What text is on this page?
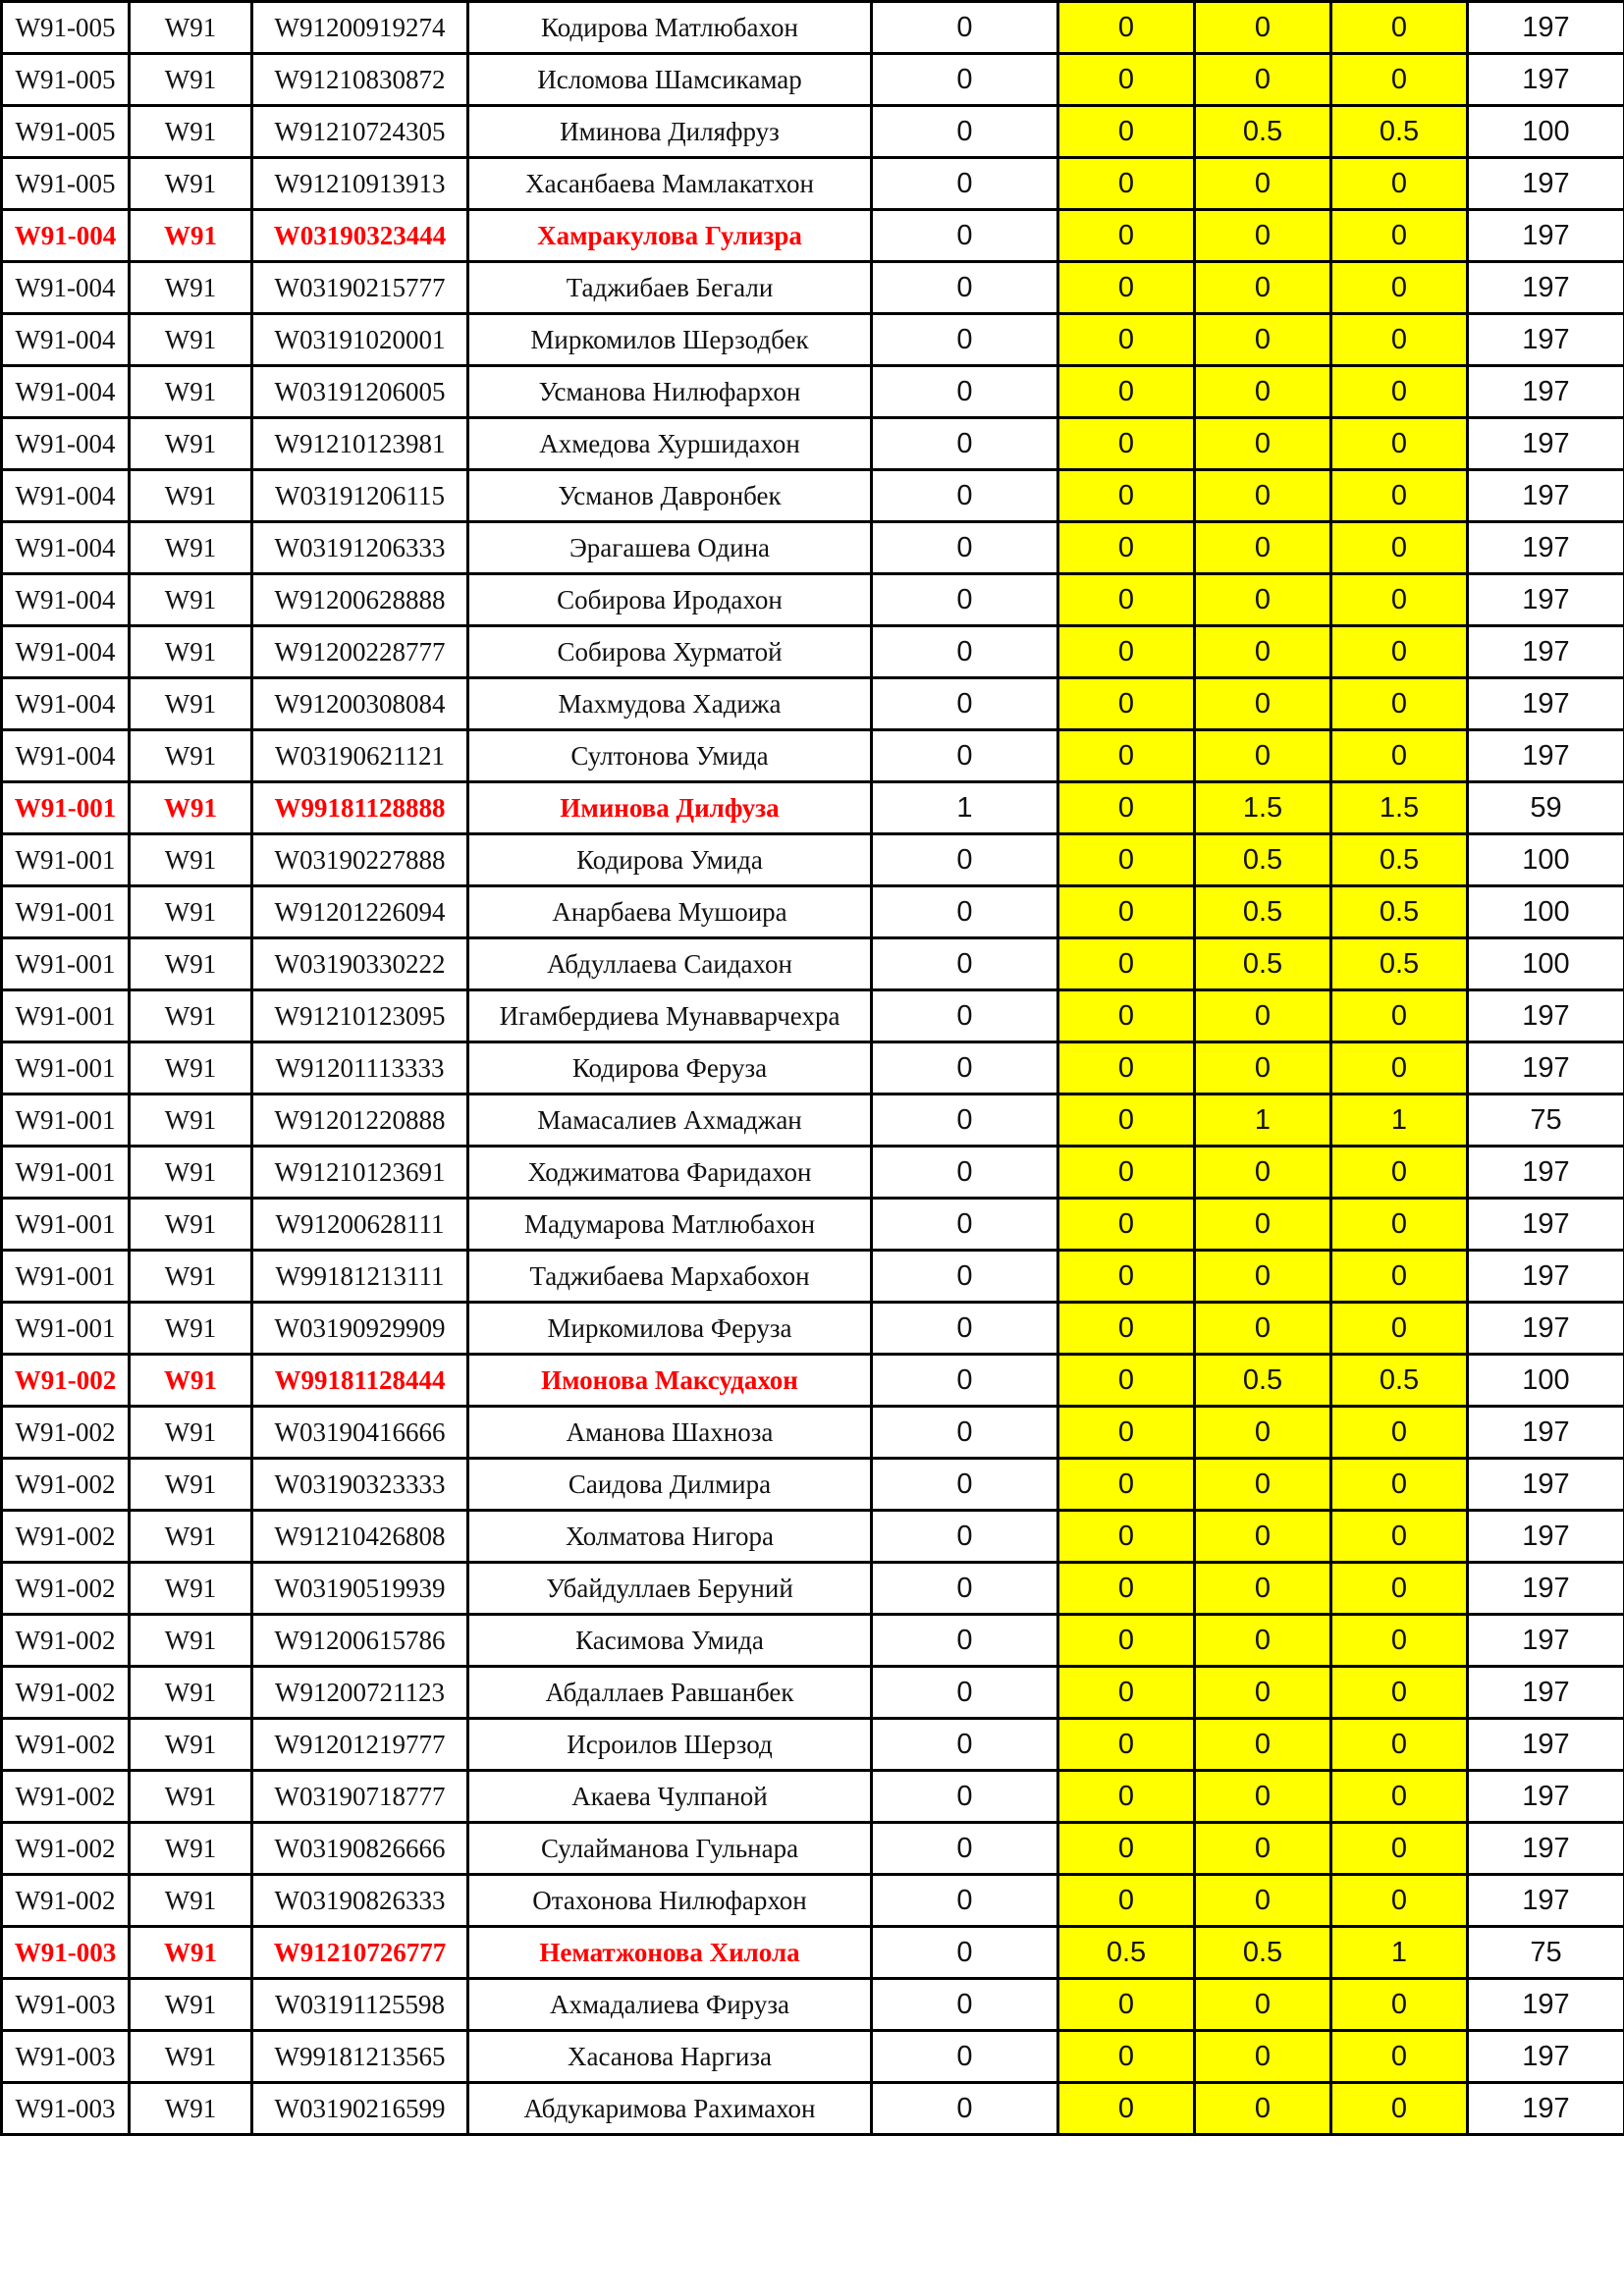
W91-005	W91	W91200919274	Кодирова Матлюбахон	0	0	0	0	197
W91-005	W91	W91210830872	Исломова Шамсикамар	0	0	0	0	197
W91-005	W91	W91210724305	Иминова Диляфруз	0	0	0.5	0.5	100
W91-005	W91	W91210913913	Хасанбаева Мамлакатхон	0	0	0	0	197
W91-004	W91	W03190323444	Хамракулова Гулизра	0	0	0	0	197
W91-004	W91	W03190215777	Таджибаев Бегали	0	0	0	0	197
W91-004	W91	W03191020001	Миркомилов Шерзодбек	0	0	0	0	197
W91-004	W91	W03191206005	Усманова Нилюфархон	0	0	0	0	197
W91-004	W91	W91210123981	Ахмедова Хуршидахон	0	0	0	0	197
W91-004	W91	W03191206115	Усманов Давронбек	0	0	0	0	197
W91-004	W91	W03191206333	Эрагашева Одина	0	0	0	0	197
W91-004	W91	W91200628888	Собирова Иродахон	0	0	0	0	197
W91-004	W91	W91200228777	Собирова Хурматой	0	0	0	0	197
W91-004	W91	W91200308084	Махмудова Хадижа	0	0	0	0	197
W91-004	W91	W03190621121	Султонова Умида	0	0	0	0	197
W91-001	W91	W99181128888	Иминова Дилфуза	1	0	1.5	1.5	59
W91-001	W91	W03190227888	Кодирова Умида	0	0	0.5	0.5	100
W91-001	W91	W91201226094	Анарбаева Мушоира	0	0	0.5	0.5	100
W91-001	W91	W03190330222	Абдуллаева Саидахон	0	0	0.5	0.5	100
W91-001	W91	W91210123095	Игамбердиева Мунавварчехра	0	0	0	0	197
W91-001	W91	W91201113333	Кодирова Феруза	0	0	0	0	197
W91-001	W91	W91201220888	Мамасалиев Ахмаджан	0	0	1	1	75
W91-001	W91	W91210123691	Ходжиматова Фаридахон	0	0	0	0	197
W91-001	W91	W91200628111	Мадумарова Матлюбахон	0	0	0	0	197
W91-001	W91	W99181213111	Таджибаева Мархабохон	0	0	0	0	197
W91-001	W91	W03190929909	Миркомилова Феруза	0	0	0	0	197
W91-002	W91	W99181128444	Имонова Максудахон	0	0	0.5	0.5	100
W91-002	W91	W03190416666	Аманова Шахноза	0	0	0	0	197
W91-002	W91	W03190323333	Саидова Дилмира	0	0	0	0	197
W91-002	W91	W91210426808	Холматова Нигора	0	0	0	0	197
W91-002	W91	W03190519939	Убайдуллаев Беруний	0	0	0	0	197
W91-002	W91	W91200615786	Касимова Умида	0	0	0	0	197
W91-002	W91	W91200721123	Абдаллаев Равшанбек	0	0	0	0	197
W91-002	W91	W91201219777	Исроилов Шерзод	0	0	0	0	197
W91-002	W91	W03190718777	Акаева Чулпаной	0	0	0	0	197
W91-002	W91	W03190826666	Сулайманова Гульнара	0	0	0	0	197
W91-002	W91	W03190826333	Отахонова Нилюфархон	0	0	0	0	197
W91-003	W91	W91210726777	Нематжонова Хилола	0	0.5	0.5	1	75
W91-003	W91	W03191125598	Ахмадалиева Фируза	0	0	0	0	197
W91-003	W91	W99181213565	Хасанова Наргиза	0	0	0	0	197
W91-003	W91	W03190216599	Абдукаримова Рахимахон	0	0	0	0	197
